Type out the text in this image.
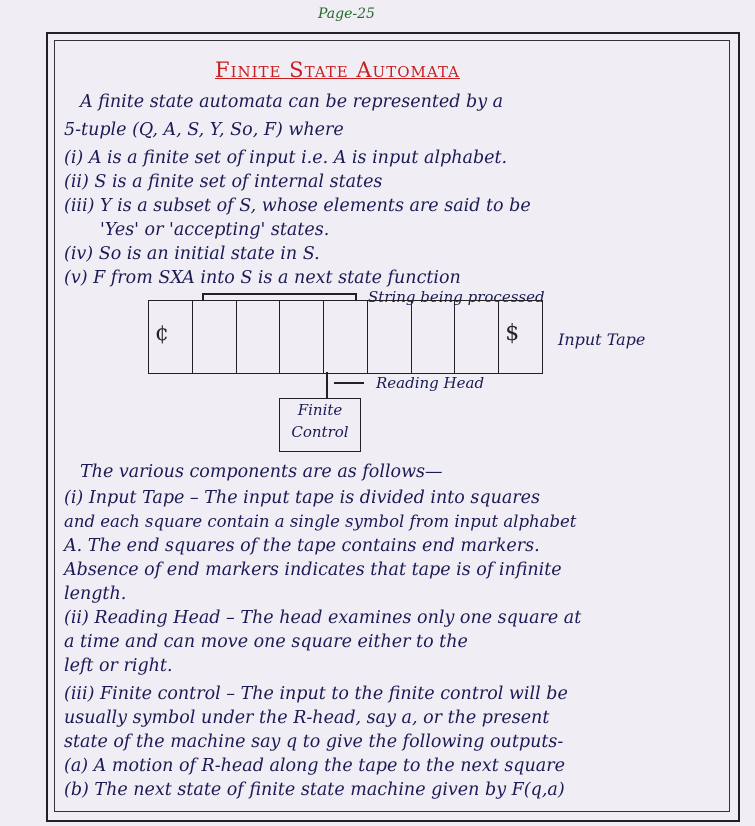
Page-25
Finite State Automata
A finite state automata can be represented by a
5-tuple (Q, A, S, Y, So, F) where
(i) A is a finite set of input i.e. A is input alphabet.
(ii) S is a finite set of internal states
(iii) Y is a subset of S, whose elements are said to be
'Yes' or 'accepting' states.
(iv) So is an initial state in S.
(v) F from SXA into S is a next state function
String being processed
¢	$ Input Tape
Reading Head
Finite
Control
The various components are as follows—
(i) Input Tape – The input tape is divided into squares
and each square contain a single symbol from input alphabet
A. The end squares of the tape contains end markers.
Absence of end markers indicates that tape is of infinite
length.
(ii) Reading Head – The head examines only one square at
a time and can move one square either to the
left or right.
(iii) Finite control – The input to the finite control will be
usually symbol under the R-head, say a, or the present
state of the machine say q to give the following outputs-
(a) A motion of R-head along the tape to the next square
(b) The next state of finite state machine given by F(q,a)
